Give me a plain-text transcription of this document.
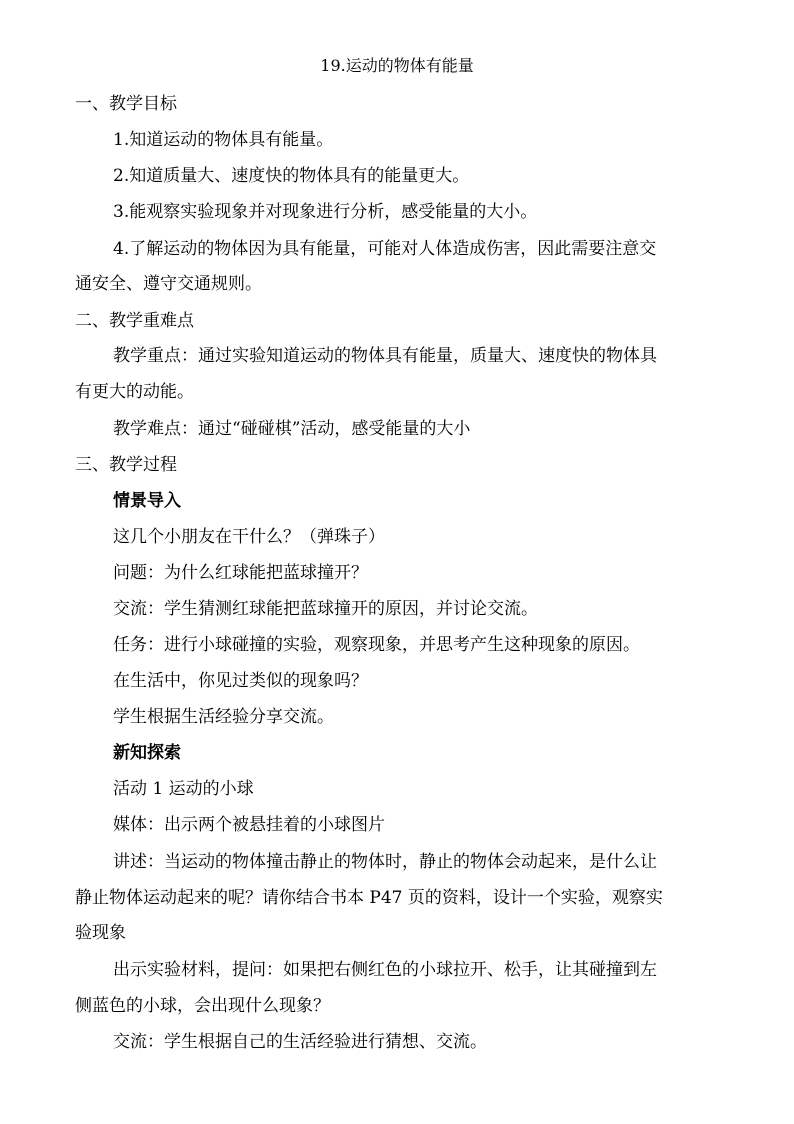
19.运动的物体有能量
一、教学目标
1.知道运动的物体具有能量。
2.知道质量大、速度快的物体具有的能量更大。
3.能观察实验现象并对现象进行分析，感受能量的大小。
4.了解运动的物体因为具有能量，可能对人体造成伤害，因此需要注意交
通安全、遵守交通规则。
二、教学重难点
教学重点：通过实验知道运动的物体具有能量，质量大、速度快的物体具
有更大的动能。
教学难点：通过“碰碰棋”活动，感受能量的大小
三、教学过程
情景导入
这几个小朋友在干什么？（弹珠子）
问题：为什么红球能把蓝球撞开？
交流：学生猜测红球能把蓝球撞开的原因，并讨论交流。
任务：进行小球碰撞的实验，观察现象，并思考产生这种现象的原因。
在生活中，你见过类似的现象吗？
学生根据生活经验分享交流。
新知探索
活动 1 运动的小球
媒体：出示两个被悬挂着的小球图片
讲述：当运动的物体撞击静止的物体时，静止的物体会动起来，是什么让
静止物体运动起来的呢？请你结合书本 P47 页的资料，设计一个实验，观察实
验现象
出示实验材料，提问：如果把右侧红色的小球拉开、松手，让其碰撞到左
侧蓝色的小球，会出现什么现象？
交流：学生根据自己的生活经验进行猜想、交流。
